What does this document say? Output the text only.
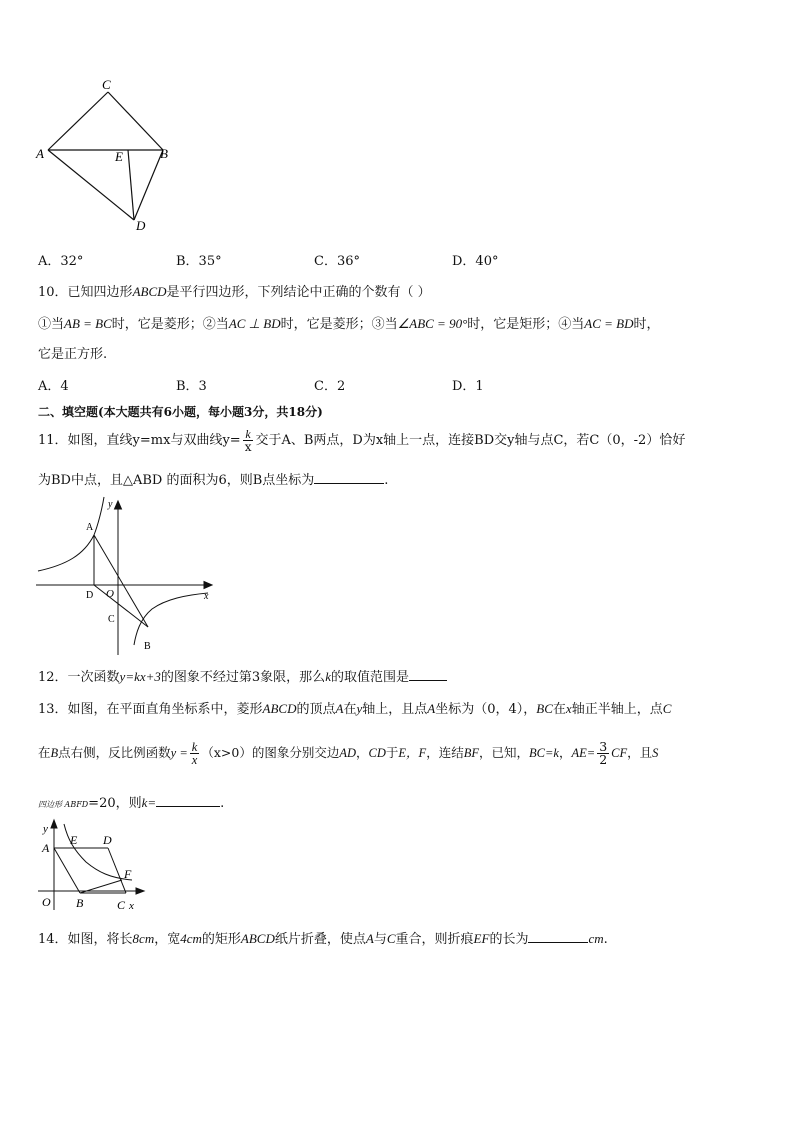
C
A	E	B
D
A．32°	B．35°	C．36°	D．40°
10．已知四边形ABCD是平行四边形，下列结论中正确的个数有（ ）
①当AB = BC时，它是菱形；②当AC ⊥ BD时，它是菱形；③当∠ABC = 90°时，它是矩形；④当AC = BD时，
它是正方形.
A．4	B．3	C．2	D．1
二、填空题(本大题共有6小题，每小题3分，共18分)
11．如图，直线y=mx与双曲线$y= \frac{k}{x}$ 交于A、B两点，D为x轴上一点，连接BD交y轴与点C，若C（0，-2）恰好
为BD中点，且△ABD 的面积为6，则B点坐标为	.
y
A
D O	x
C
B
12．一次函数y=kx+3的图象不经过第3象限，那么k的取值范围是
13．如图，在平面直角坐标系中，菱形ABCD的顶点A在y轴上，且点A坐标为（0，4），BC在x轴正半轴上，点C
在B点右侧，反比例函数$y = \frac{k}{x} (x>0)$的图象分别交边AD，CD于E，F，连结BF，已知，BC=k，$AE= \frac{3}{2}$ CF，且S
四边形 ABFD=20，则k=	.
y
E D
A
F
O B	C x
14．如图，将长8cm，宽4cm的矩形ABCD纸片折叠，使点A与C重合，则折痕EF的长为	cm.
